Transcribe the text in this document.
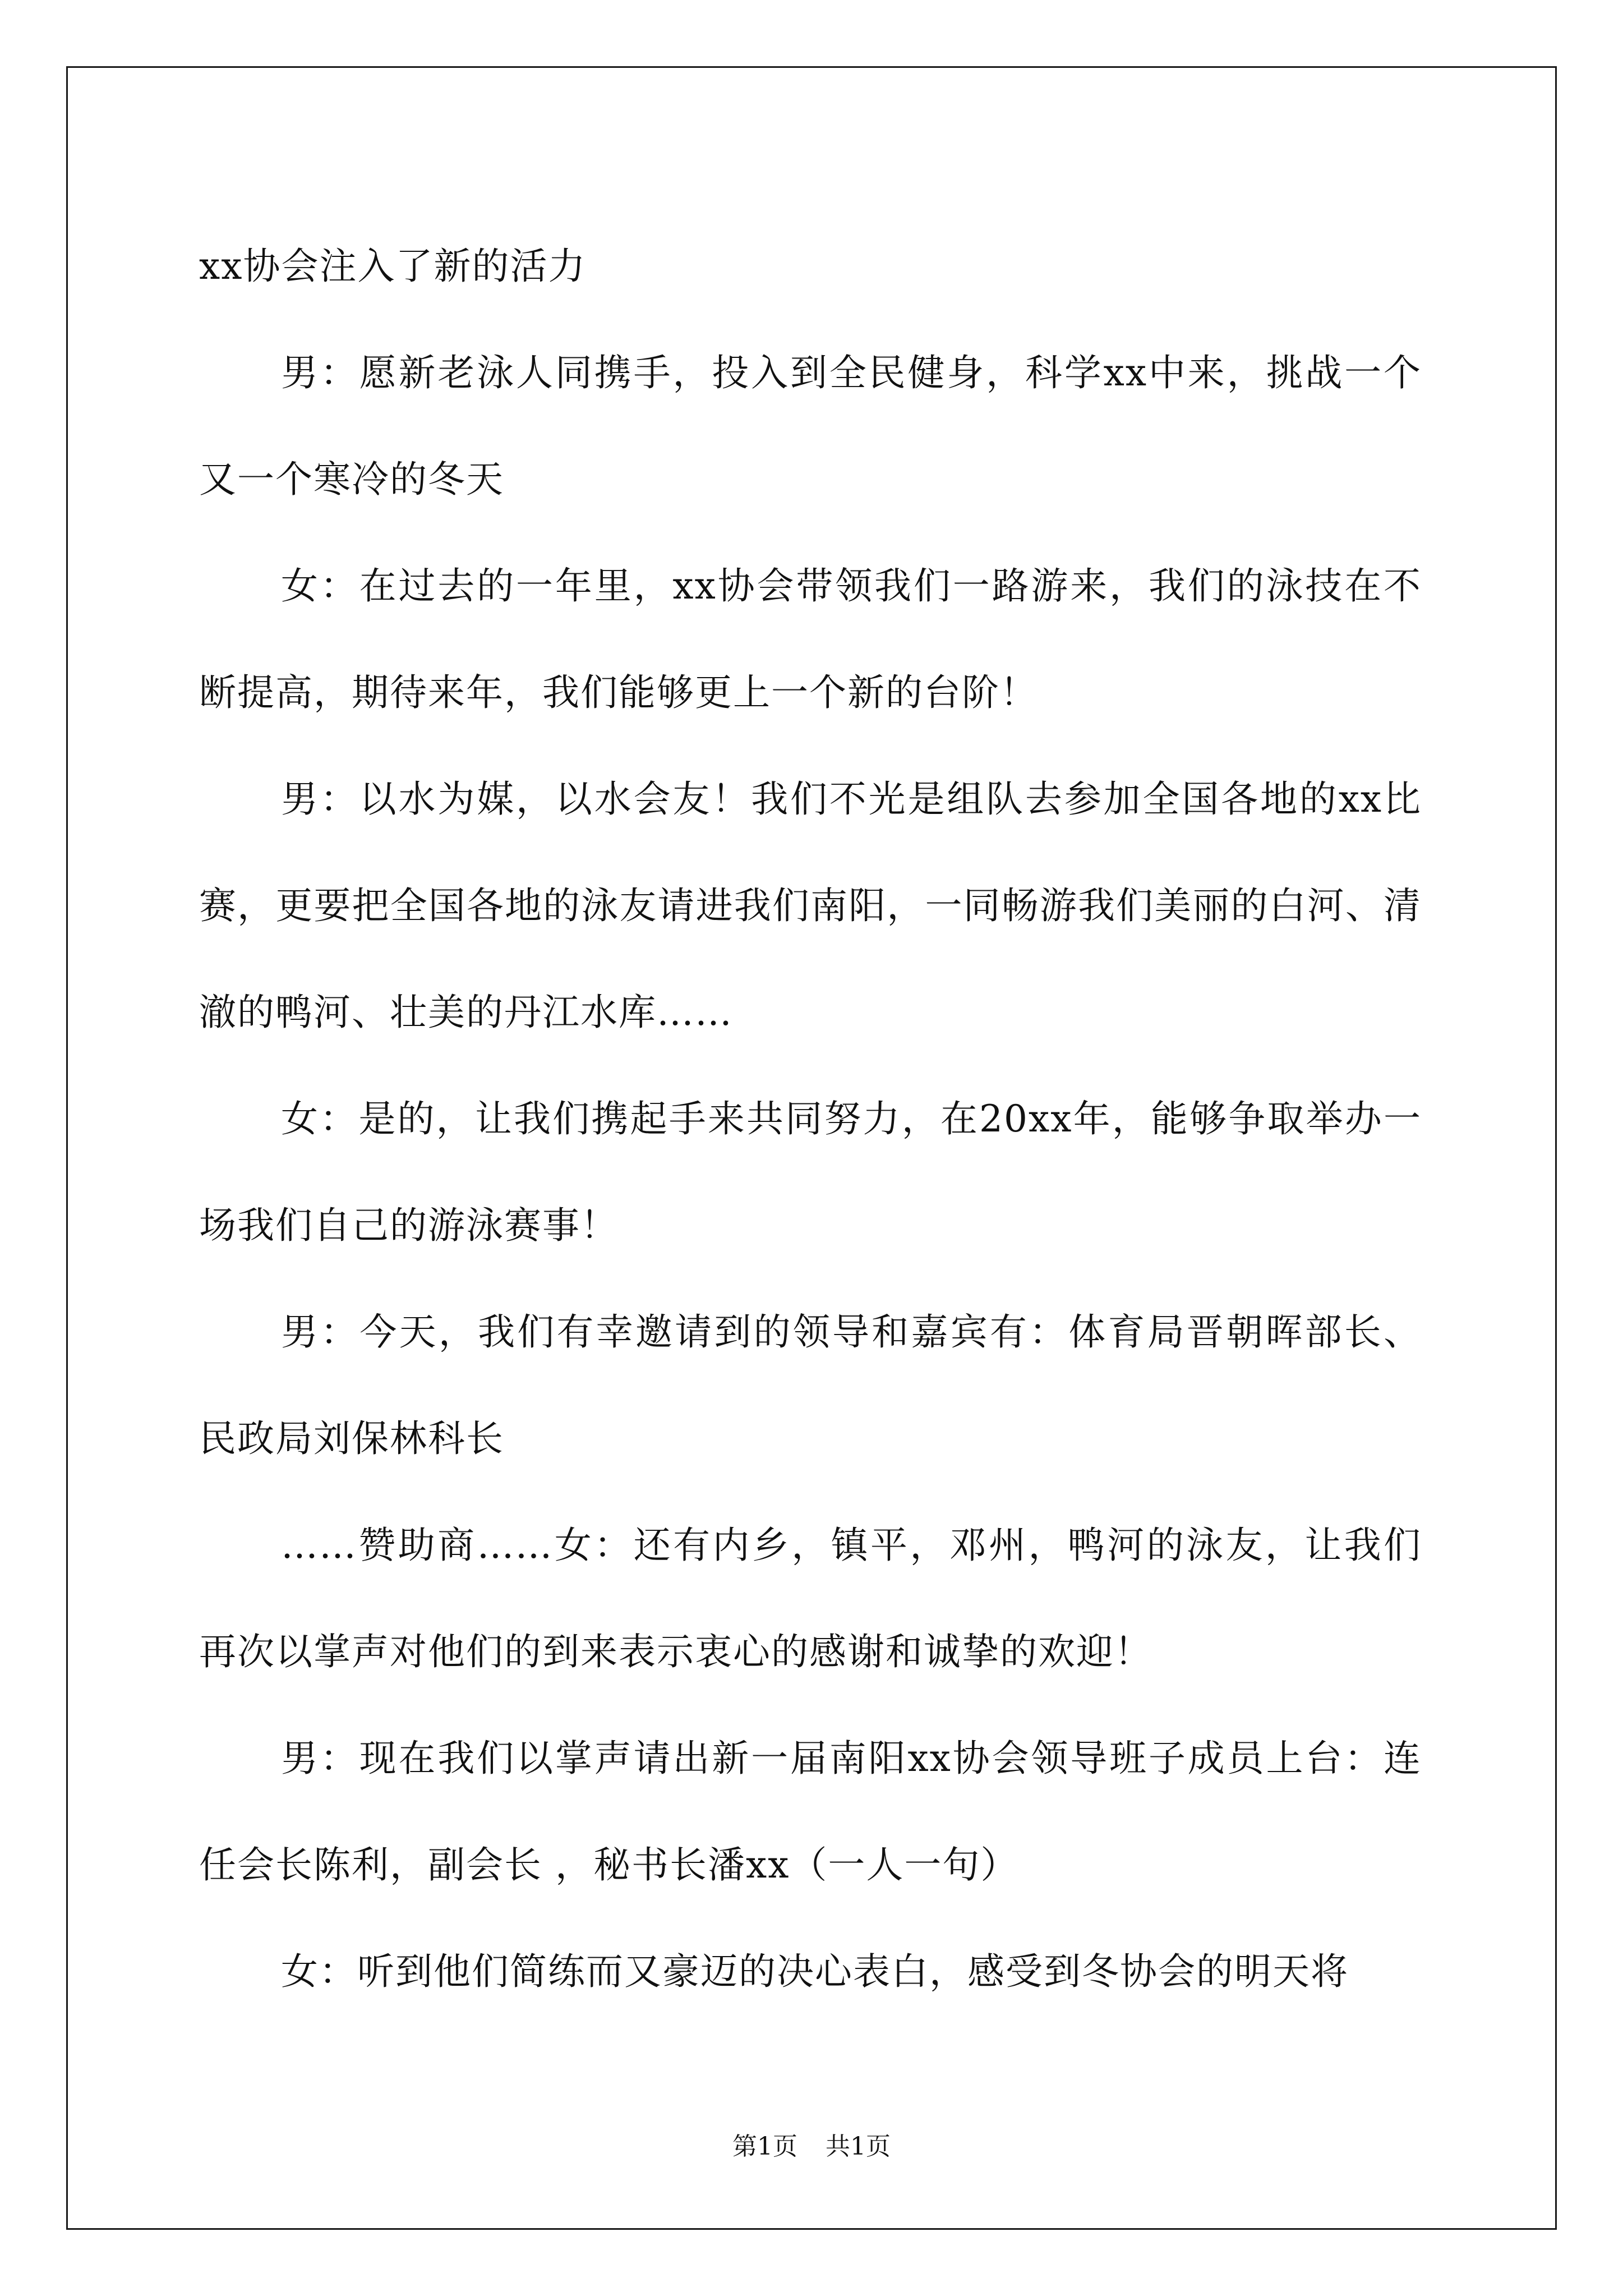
xx协会注入了新的活力

男：愿新老泳人同携手，投入到全民健身，科学xx中来，挑战一个又一个寒冷的冬天

女：在过去的一年里，xx协会带领我们一路游来，我们的泳技在不断提高，期待来年，我们能够更上一个新的台阶！

男：以水为媒，以水会友！我们不光是组队去参加全国各地的xx比赛，更要把全国各地的泳友请进我们南阳，一同畅游我们美丽的白河、清澈的鸭河、壮美的丹江水库……

女：是的，让我们携起手来共同努力，在20xx年，能够争取举办一场我们自己的游泳赛事！

男：今天，我们有幸邀请到的领导和嘉宾有：体育局晋朝晖部长、民政局刘保林科长

……赞助商……女：还有内乡，镇平，邓州，鸭河的泳友，让我们再次以掌声对他们的到来表示衷心的感谢和诚挚的欢迎！

男：现在我们以掌声请出新一届南阳xx协会领导班子成员上台：连任会长陈利，副会长 ，秘书长潘xx（一人一句）

女：听到他们简练而又豪迈的决心表白，感受到冬协会的明天将

第1页 共1页
